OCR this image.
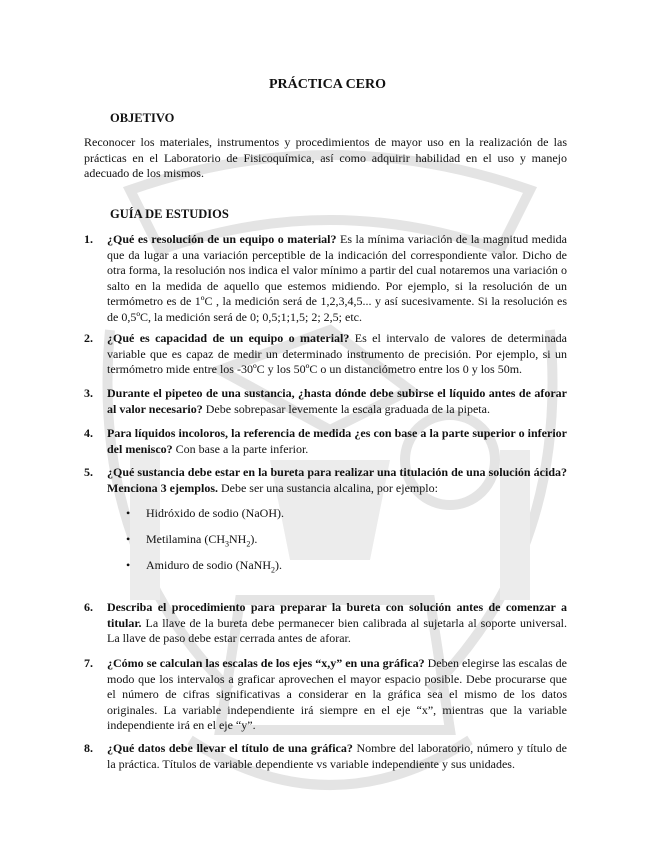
PRÁCTICA CERO
OBJETIVO
Reconocer los materiales, instrumentos y procedimientos de mayor uso en la realización de las prácticas en el Laboratorio de Fisicoquímica, así como adquirir habilidad en el uso y manejo adecuado de los mismos.
GUÍA DE ESTUDIOS
1.	¿Qué es resolución de un equipo o material? Es la mínima variación de la magnitud medida que da lugar a una variación perceptible de la indicación del correspondiente valor. Dicho de otra forma, la resolución nos indica el valor mínimo a partir del cual notaremos una variación o salto en la medida de aquello que estemos midiendo. Por ejemplo, si la resolución de un termómetro es de 1ºC , la medición será de 1,2,3,4,5... y así sucesivamente. Si la resolución es de 0,5ºC, la medición será de 0; 0,5;1;1,5; 2; 2,5; etc.
2.	¿Qué es capacidad de un equipo o material? Es el intervalo de valores de determinada variable que es capaz de medir un determinado instrumento de precisión. Por ejemplo, si un termómetro mide entre los -30ºC y los 50ºC o un distanciómetro entre los 0 y los 50m.
3.	Durante el pipeteo de una sustancia, ¿hasta dónde debe subirse el líquido antes de aforar al valor necesario? Debe sobrepasar levemente la escala graduada de la pipeta.
4.	Para líquidos incoloros, la referencia de medida ¿es con base a la parte superior o inferior del menisco? Con base a la parte inferior.
5.	¿Qué sustancia debe estar en la bureta para realizar una titulación de una solución ácida? Menciona 3 ejemplos. Debe ser una sustancia alcalina, por ejemplo:
• Hidróxido de sodio (NaOH).
• Metilamina $(CH_3NH_2)$.
• Amiduro de sodio (NaNH$_2$).
6.	Describa el procedimiento para preparar la bureta con solución antes de comenzar a titular. La llave de la bureta debe permanecer bien calibrada al sujetarla al soporte universal. La llave de paso debe estar cerrada antes de aforar.
7.	¿Cómo se calculan las escalas de los ejes “x,y” en una gráfica? Deben elegirse las escalas de modo que los intervalos a graficar aprovechen el mayor espacio posible. Debe procurarse que el número de cifras significativas a considerar en la gráfica sea el mismo de los datos originales. La variable independiente irá siempre en el eje “x”, mientras que la variable independiente irá en el eje “y”.
8.	¿Qué datos debe llevar el título de una gráfica? Nombre del laboratorio, número y título de la práctica. Títulos de variable dependiente vs variable independiente y sus unidades.
